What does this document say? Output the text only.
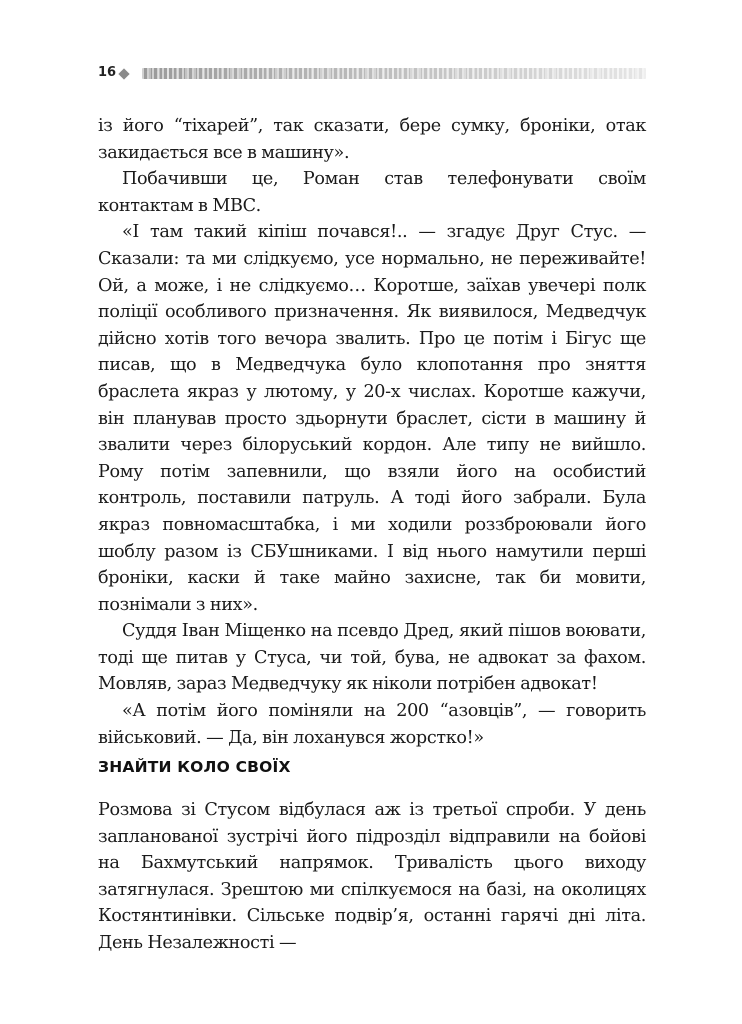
16

із його “тіхарей”, так сказати, бере сумку, броніки, отак закидається все в машину».

Побачивши це, Роман став телефонувати своїм контактам в МВС.

«І там такий кіпіш почався!.. — згадує Друг Стус. — Сказали: та ми слідкуємо, усе нормально, не переживайте! Ой, а може, і не слідкуємо… Коротше, заїхав увечері полк поліції особливого призначення. Як виявилося, Медведчук дійсно хотів того вечора звалить. Про це потім і Бігус ще писав, що в Медведчука було клопотання про зняття браслета якраз у лютому, у 20-х числах. Коротше кажучи, він планував просто здьорнути браслет, сісти в машину й звалити через білоруський кордон. Але типу не вийшло. Рому потім запевнили, що взяли його на особистий контроль, поставили патруль. А тоді його забрали. Була якраз повномасштабка, і ми ходили роззброювали його шоблу разом із СБУшниками. І від нього намутили перші броніки, каски й таке майно захисне, так би мовити, познімали з них».

Суддя Іван Міщенко на псевдо Дред, який пішов воювати, тоді ще питав у Стуса, чи той, бува, не адвокат за фахом. Мовляв, зараз Медведчуку як ніколи потрібен адвокат!

«А потім його поміняли на 200 “азовців”, — говорить військовий. — Да, він лоханувся жорстко!»

ЗНАЙТИ КОЛО СВОЇХ

Розмова зі Стусом відбулася аж із третьої спроби. У день запланованої зустрічі його підрозділ відправили на бойові на Бахмутський напрямок. Тривалість цього виходу затягнулася. Зрештою ми спілкуємося на базі, на околицях Костянтинівки. Сільське подвір’я, останні гарячі дні літа. День Незалежності —
